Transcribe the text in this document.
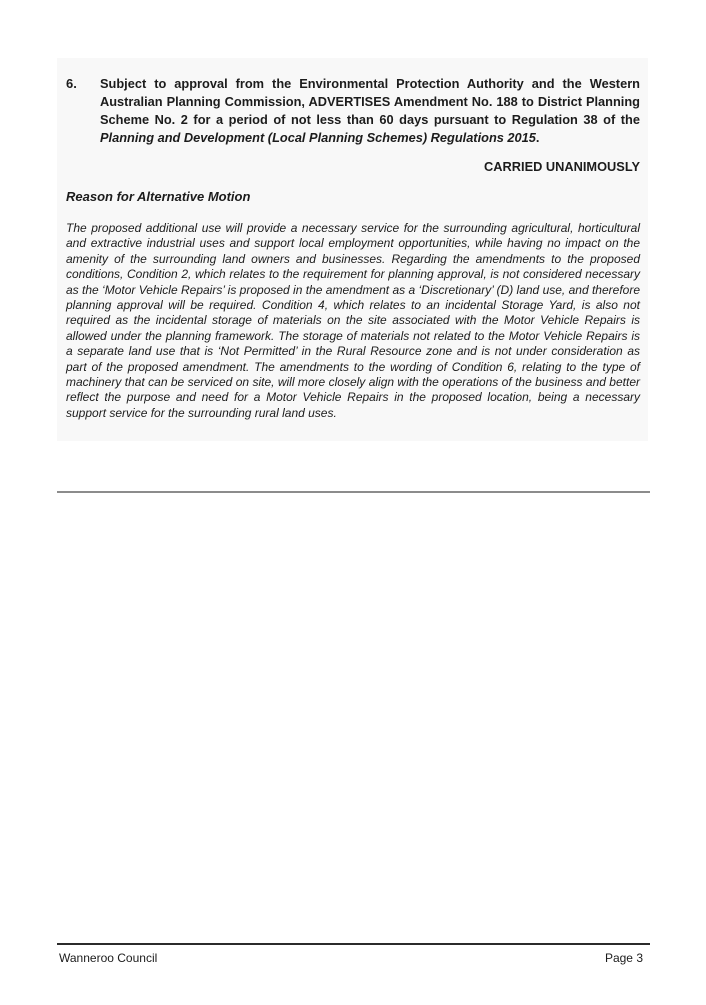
6.	Subject to approval from the Environmental Protection Authority and the Western Australian Planning Commission, ADVERTISES Amendment No. 188 to District Planning Scheme No. 2 for a period of not less than 60 days pursuant to Regulation 38 of the Planning and Development (Local Planning Schemes) Regulations 2015.
CARRIED UNANIMOUSLY
Reason for Alternative Motion
The proposed additional use will provide a necessary service for the surrounding agricultural, horticultural and extractive industrial uses and support local employment opportunities, while having no impact on the amenity of the surrounding land owners and businesses. Regarding the amendments to the proposed conditions, Condition 2, which relates to the requirement for planning approval, is not considered necessary as the ‘Motor Vehicle Repairs’ is proposed in the amendment as a ‘Discretionary’ (D) land use, and therefore planning approval will be required. Condition 4, which relates to an incidental Storage Yard, is also not required as the incidental storage of materials on the site associated with the Motor Vehicle Repairs is allowed under the planning framework. The storage of materials not related to the Motor Vehicle Repairs is a separate land use that is ‘Not Permitted’ in the Rural Resource zone and is not under consideration as part of the proposed amendment. The amendments to the wording of Condition 6, relating to the type of machinery that can be serviced on site, will more closely align with the operations of the business and better reflect the purpose and need for a Motor Vehicle Repairs in the proposed location, being a necessary support service for the surrounding rural land uses.
Wanneroo Council	Page 3
